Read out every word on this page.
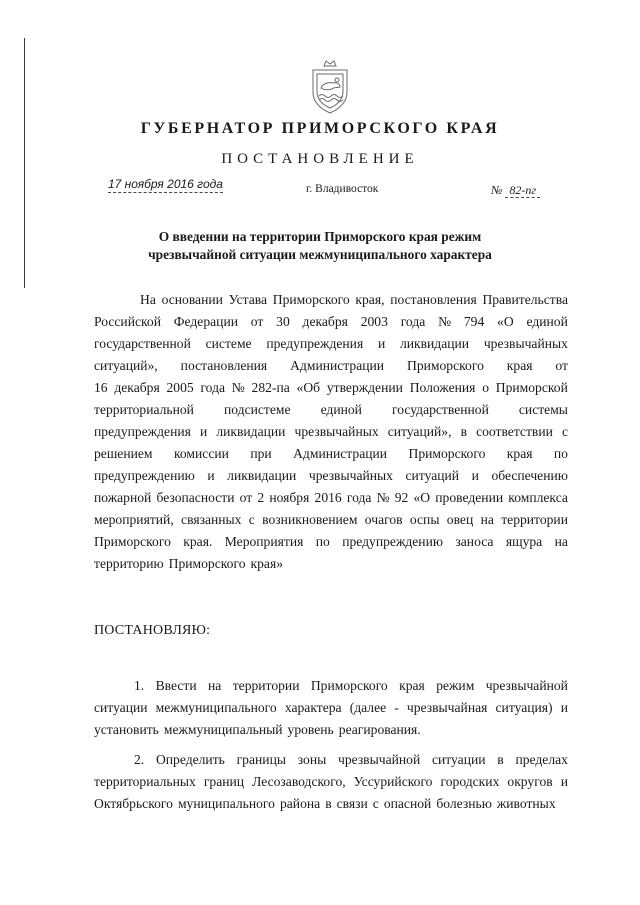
ГУБЕРНАТОР ПРИМОРСКОГО КРАЯ
ПОСТАНОВЛЕНИЕ
17 ноября 2016 года	г. Владивосток	№ 82-пг
О введении на территории Приморского края режим
чрезвычайной ситуации межмуниципального характера
На основании Устава Приморского края, постановления Правительства
Российской Федерации от 30 декабря 2003 года № 794 «О единой
государственной системе предупреждения и ликвидации чрезвычайных
ситуаций», постановления Администрации Приморского края от
16 декабря 2005 года № 282-па «Об утверждении Положения о Приморской
территориальной подсистеме единой государственной системы
предупреждения и ликвидации чрезвычайных ситуаций», в соответствии с
решением комиссии при Администрации Приморского края по
предупреждению и ликвидации чрезвычайных ситуаций и обеспечению
пожарной безопасности от 2 ноября 2016 года № 92 «О проведении комплекса
мероприятий, связанных с возникновением очагов оспы овец на территории
Приморского края. Мероприятия по предупреждению заноса ящура на
территорию Приморского края»
ПОСТАНОВЛЯЮ:
1. Ввести на территории Приморского края режим чрезвычайной
ситуации межмуниципального характера (далее - чрезвычайная ситуация) и
установить межмуниципальный уровень реагирования.
2. Определить границы зоны чрезвычайной ситуации в пределах
территориальных границ Лесозаводского, Уссурийского городских округов и
Октябрьского муниципального района в связи с опасной болезнью животных
